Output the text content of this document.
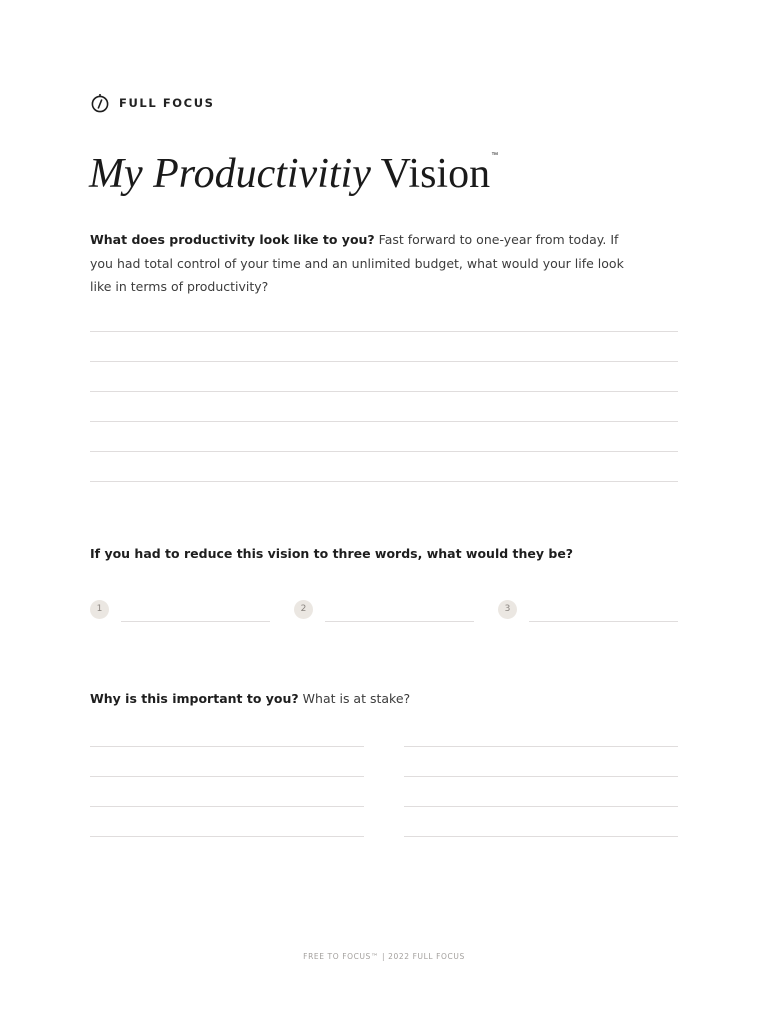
FULL FOCUS
My Productivitiy Vision™
What does productivity look like to you? Fast forward to one-year from today. If you had total control of your time and an unlimited budget, what would your life look like in terms of productivity?
If you had to reduce this vision to three words, what would they be?
1	2	3
Why is this important to you? What is at stake?
FREE TO FOCUS™ | 2022 FULL FOCUS
